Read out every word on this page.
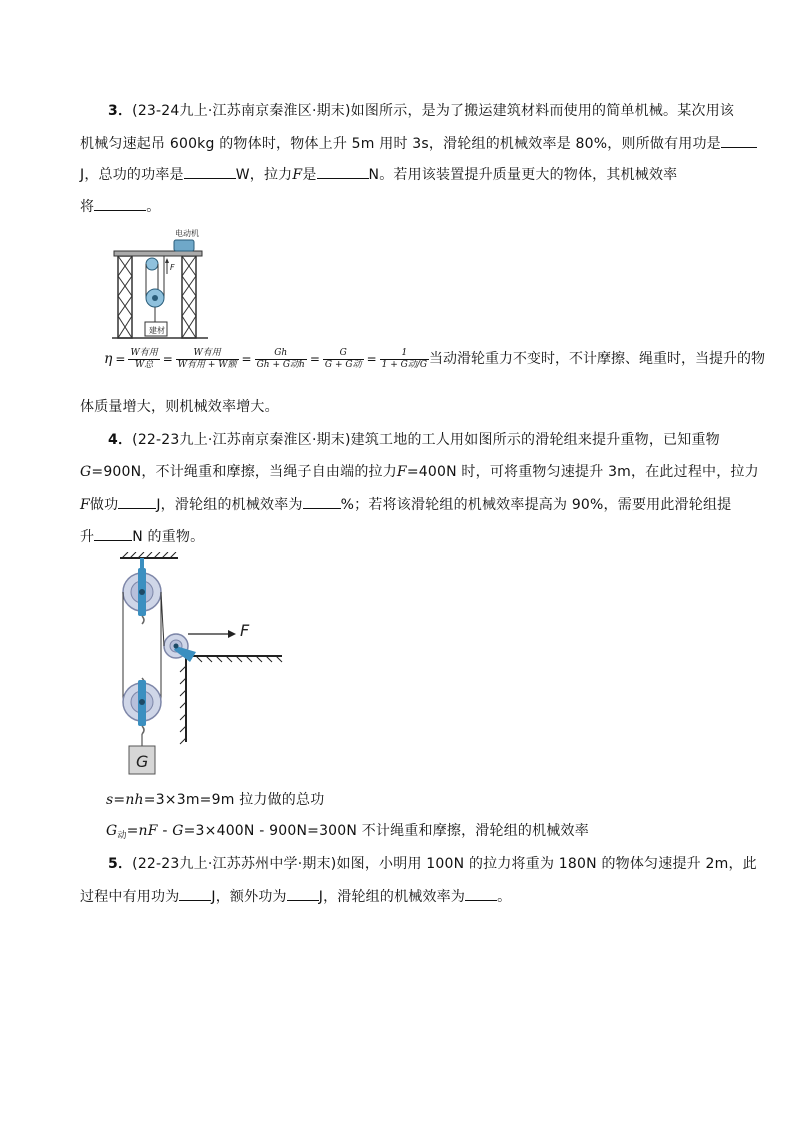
3．(23-24九上·江苏南京秦淮区·期末)如图所示，是为了搬运建筑材料而使用的简单机械。某次用该
机械匀速起吊 600kg 的物体时，物体上升 5m 用时 3s，滑轮组的机械效率是 80%，则所做有用功是
J，总功的功率是	W，拉力F是	N。若用该装置提升质量更大的物体，其机械效率
将	。
电动机
F
建材
$\eta = \frac{\text{W有用}}{\text{W总}} = \frac{\text{W有用}}{\text{W有用 + W额}} = \frac{Gh}{\text{Gh + G动h}} = \frac{G}{\text{G + G动}} = \frac{1}{\text{1 + G动/G}}$ 当动滑轮重力不变时，不计摩擦、绳重时，当提升的物
体质量增大，则机械效率增大。
4．(22-23九上·江苏南京秦淮区·期末)建筑工地的工人用如图所示的滑轮组来提升重物，已知重物
G=900N，不计绳重和摩擦，当绳子自由端的拉力F=400N 时，可将重物匀速提升 3m，在此过程中，拉力
F做功	J，滑轮组的机械效率为	%；若将该滑轮组的机械效率提高为 90%，需要用此滑轮组提
升	N 的重物。
F
G
s=nh=3×3m=9m 拉力做的总功
$G_动=nF - G=3\times 400N - 900N=300N$ 不计绳重和摩擦，滑轮组的机械效率
5．(22-23九上·江苏苏州中学·期末)如图，小明用 100N 的拉力将重为 180N 的物体匀速提升 2m，此
过程中有用功为 J，额外功为 J，滑轮组的机械效率为 。
